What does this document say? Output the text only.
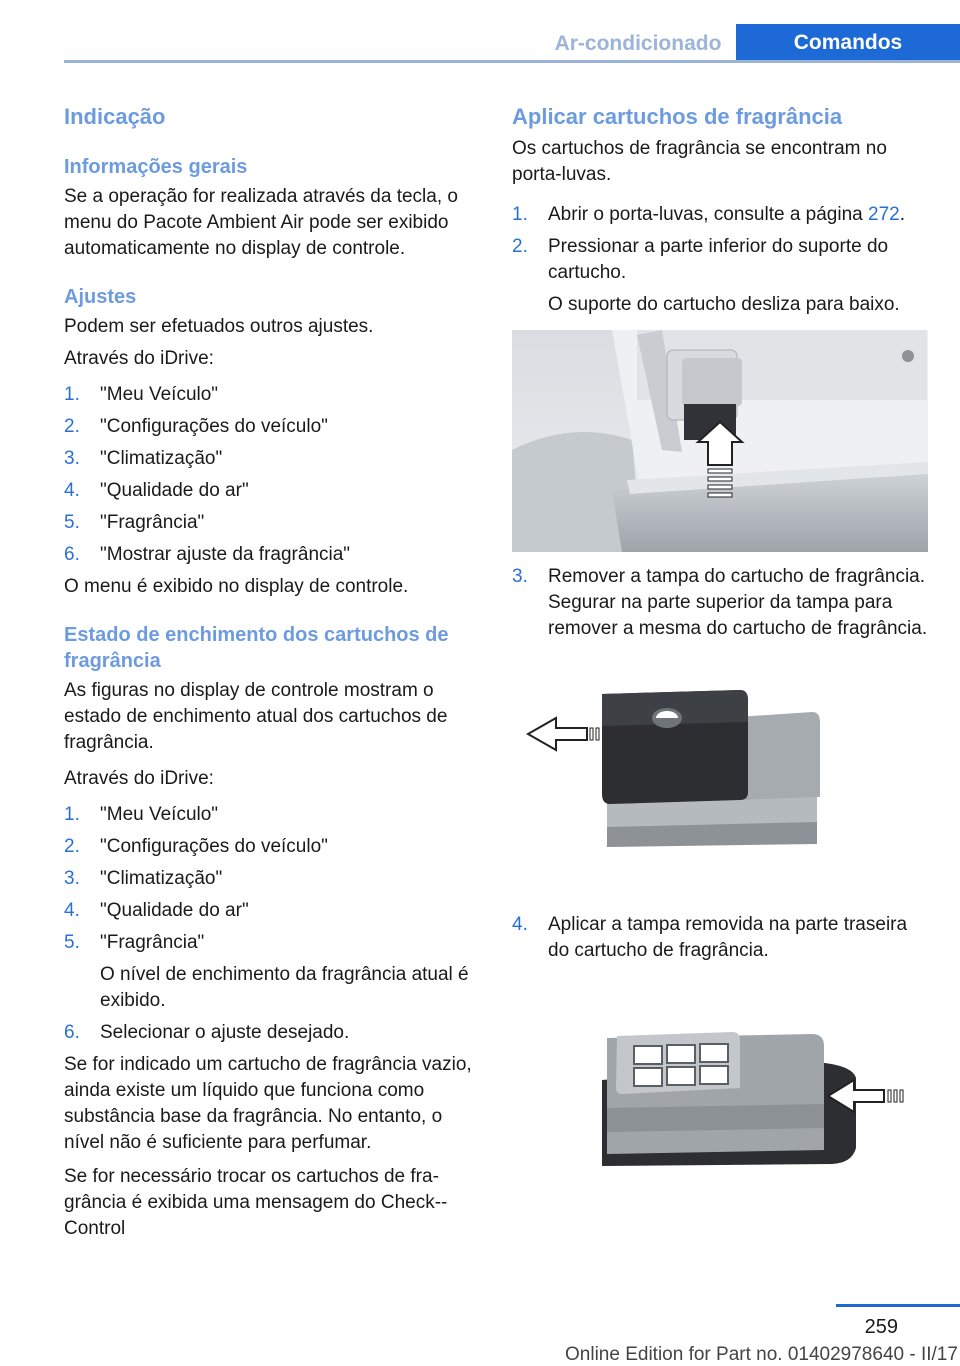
Ar-condicionado	Comandos
Indicação
Informações gerais

Se a operação for realizada através da tecla, o menu do Pacote Ambient Air pode ser exibido automaticamente no display de controle.

Ajustes

Podem ser efetuados outros ajustes.

Através do iDrive:

1. "Meu Veículo"
2. "Configurações do veículo"
3. "Climatização"
4. "Qualidade do ar"
5. "Fragrância"
6. "Mostrar ajuste da fragrância"

O menu é exibido no display de controle.

Estado de enchimento dos cartuchos de fragrância

As figuras no display de controle mostram o estado de enchimento atual dos cartuchos de fragrância.

Através do iDrive:

1. "Meu Veículo"
2. "Configurações do veículo"
3. "Climatização"
4. "Qualidade do ar"
5. "Fragrância"
O nível de enchimento da fragrância atual é exibido.
6. Selecionar o ajuste desejado.

Se for indicado um cartucho de fragrância vazio, ainda existe um líquido que funciona como substância base da fragrância. No entanto, o nível não é suficiente para perfumar.

Se for necessário trocar os cartuchos de fragrância é exibida uma mensagem do Check-Control

Aplicar cartuchos de fragrância

Os cartuchos de fragrância se encontram no porta-luvas.

1. Abrir o porta-luvas, consulte a página 272.
2. Pressionar a parte inferior do suporte do cartucho.
O suporte do cartucho desliza para baixo.
3. Remover a tampa do cartucho de fragrância. Segurar na parte superior da tampa para remover a mesma do cartucho de fragrância.
4. Aplicar a tampa removida na parte traseira do cartucho de fragrância.
259
Online Edition for Part no. 01402978640 - II/17
